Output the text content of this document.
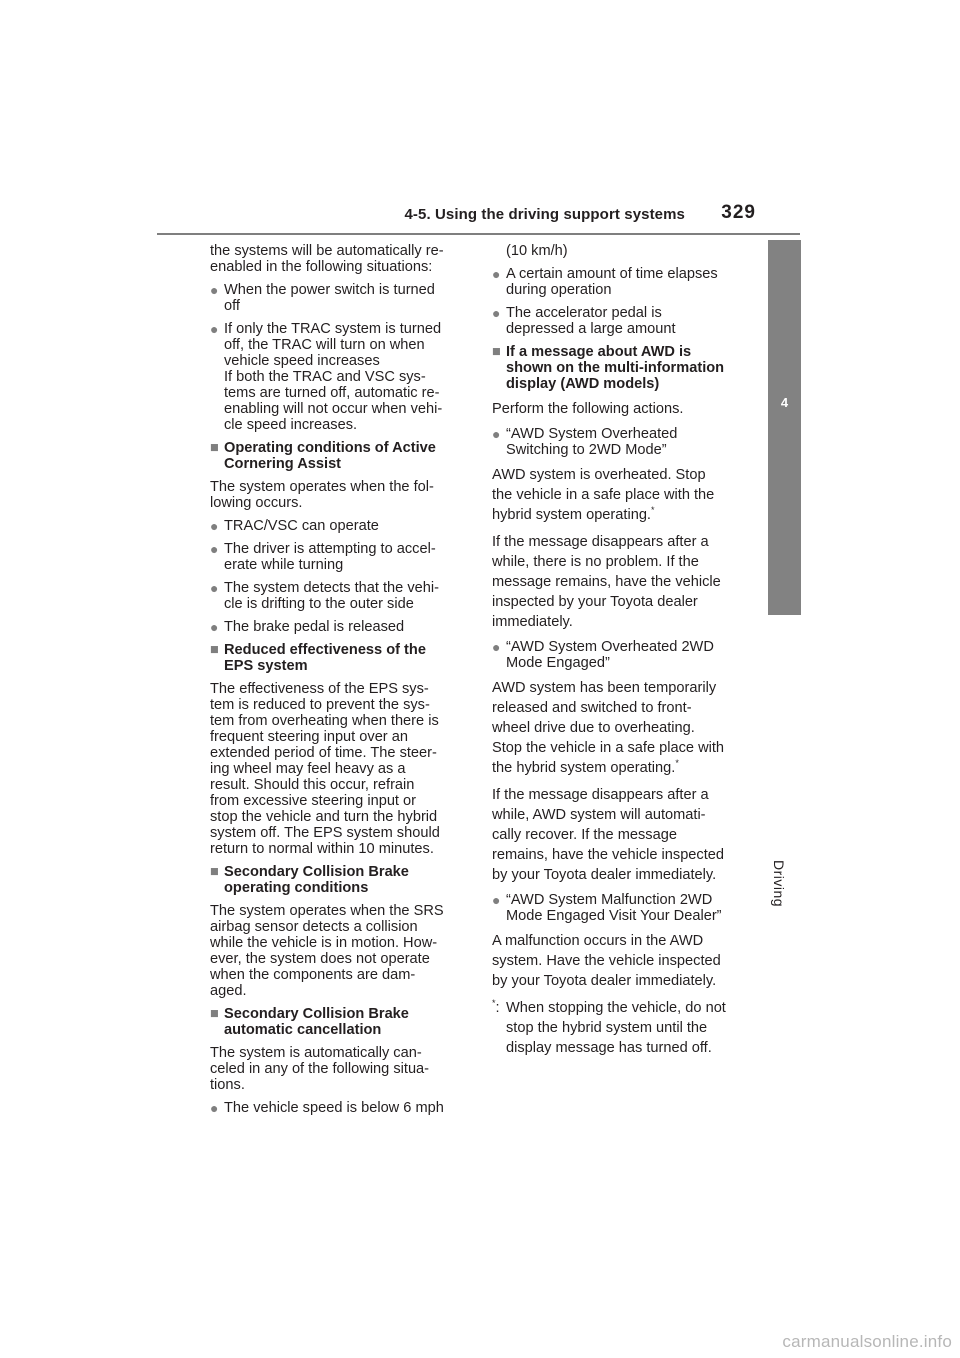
4-5. Using the driving support systems 329
4
Driving

the systems will be automatically re-
enabled in the following situations:

● When the power switch is turned
off
● If only the TRAC system is turned
off, the TRAC will turn on when
vehicle speed increases
If both the TRAC and VSC sys-
tems are turned off, automatic re-
enabling will not occur when vehi-
cle speed increases.
■ Operating conditions of Active
Cornering Assist

The system operates when the fol-
lowing occurs.

● TRAC/VSC can operate
● The driver is attempting to accel-
erate while turning
● The system detects that the vehi-
cle is drifting to the outer side
● The brake pedal is released
■ Reduced effectiveness of the
EPS system

The effectiveness of the EPS sys-
tem is reduced to prevent the sys-
tem from overheating when there is
frequent steering input over an
extended period of time. The steer-
ing wheel may feel heavy as a
result. Should this occur, refrain
from excessive steering input or
stop the vehicle and turn the hybrid
system off. The EPS system should
return to normal within 10 minutes.

■ Secondary Collision Brake
operating conditions

The system operates when the SRS
airbag sensor detects a collision
while the vehicle is in motion. How-
ever, the system does not operate
when the components are dam-
aged.

■ Secondary Collision Brake
automatic cancellation

The system is automatically can-
celed in any of the following situa-
tions.

● The vehicle speed is below 6 mph

(10 km/h)

● A certain amount of time elapses
during operation
● The accelerator pedal is
depressed a large amount
■ If a message about AWD is
shown on the multi-information
display (AWD models)

Perform the following actions.

● “AWD System Overheated
Switching to 2WD Mode”

AWD system is overheated. Stop
the vehicle in a safe place with the
hybrid system operating.*

If the message disappears after a
while, there is no problem. If the
message remains, have the vehicle
inspected by your Toyota dealer
immediately.

● “AWD System Overheated 2WD
Mode Engaged”

AWD system has been temporarily
released and switched to front-
wheel drive due to overheating.
Stop the vehicle in a safe place with
the hybrid system operating.*

If the message disappears after a
while, AWD system will automati-
cally recover. If the message
remains, have the vehicle inspected
by your Toyota dealer immediately.

● “AWD System Malfunction 2WD
Mode Engaged Visit Your Dealer”

A malfunction occurs in the AWD
system. Have the vehicle inspected
by your Toyota dealer immediately.

*: When stopping the vehicle, do not
stop the hybrid system until the
display message has turned off.
carmanualsonline.info
